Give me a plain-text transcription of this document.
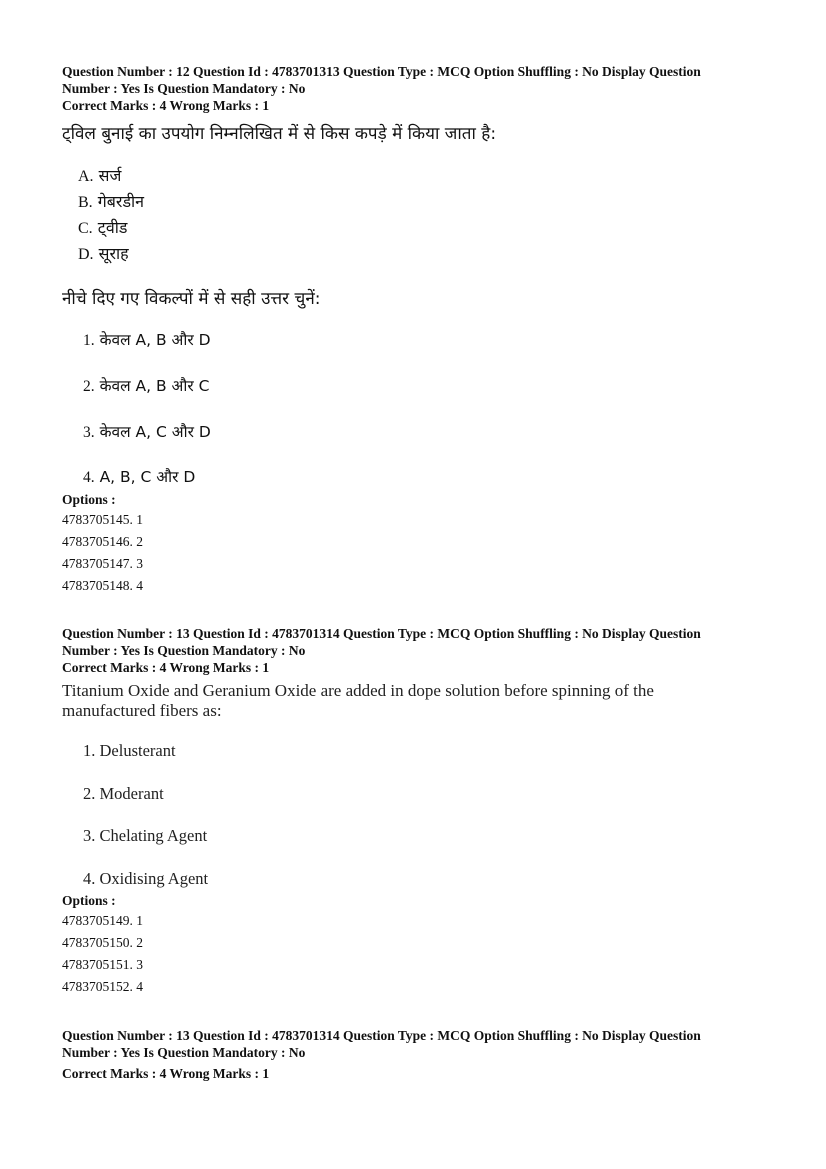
Question Number : 12 Question Id : 4783701313 Question Type : MCQ Option Shuffling : No Display Question

Number : Yes Is Question Mandatory : No

Correct Marks : 4 Wrong Marks : 1

ट्विल बुनाई का उपयोग निम्नलिखित में से किस कपड़े में किया जाता है:

A. सर्ज
B. गेबरडीन
C. ट्वीड
D. सूराह

नीचे दिए गए विकल्पों में से सही उत्तर चुनें:

1. केवल A, B और D

2. केवल A, B और C

3. केवल A, C और D

4. A, B, C और D

Options :

4783705145. 1

4783705146. 2

4783705147. 3

4783705148. 4

Question Number : 13 Question Id : 4783701314 Question Type : MCQ Option Shuffling : No Display Question

Number : Yes Is Question Mandatory : No

Correct Marks : 4 Wrong Marks : 1

Titanium Oxide and Geranium Oxide are added in dope solution before spinning of the

manufactured fibers as:

1. Delusterant

2. Moderant

3. Chelating Agent

4. Oxidising Agent

Options :

4783705149. 1

4783705150. 2

4783705151. 3

4783705152. 4

Question Number : 13 Question Id : 4783701314 Question Type : MCQ Option Shuffling : No Display Question

Number : Yes Is Question Mandatory : No

Correct Marks : 4 Wrong Marks : 1
